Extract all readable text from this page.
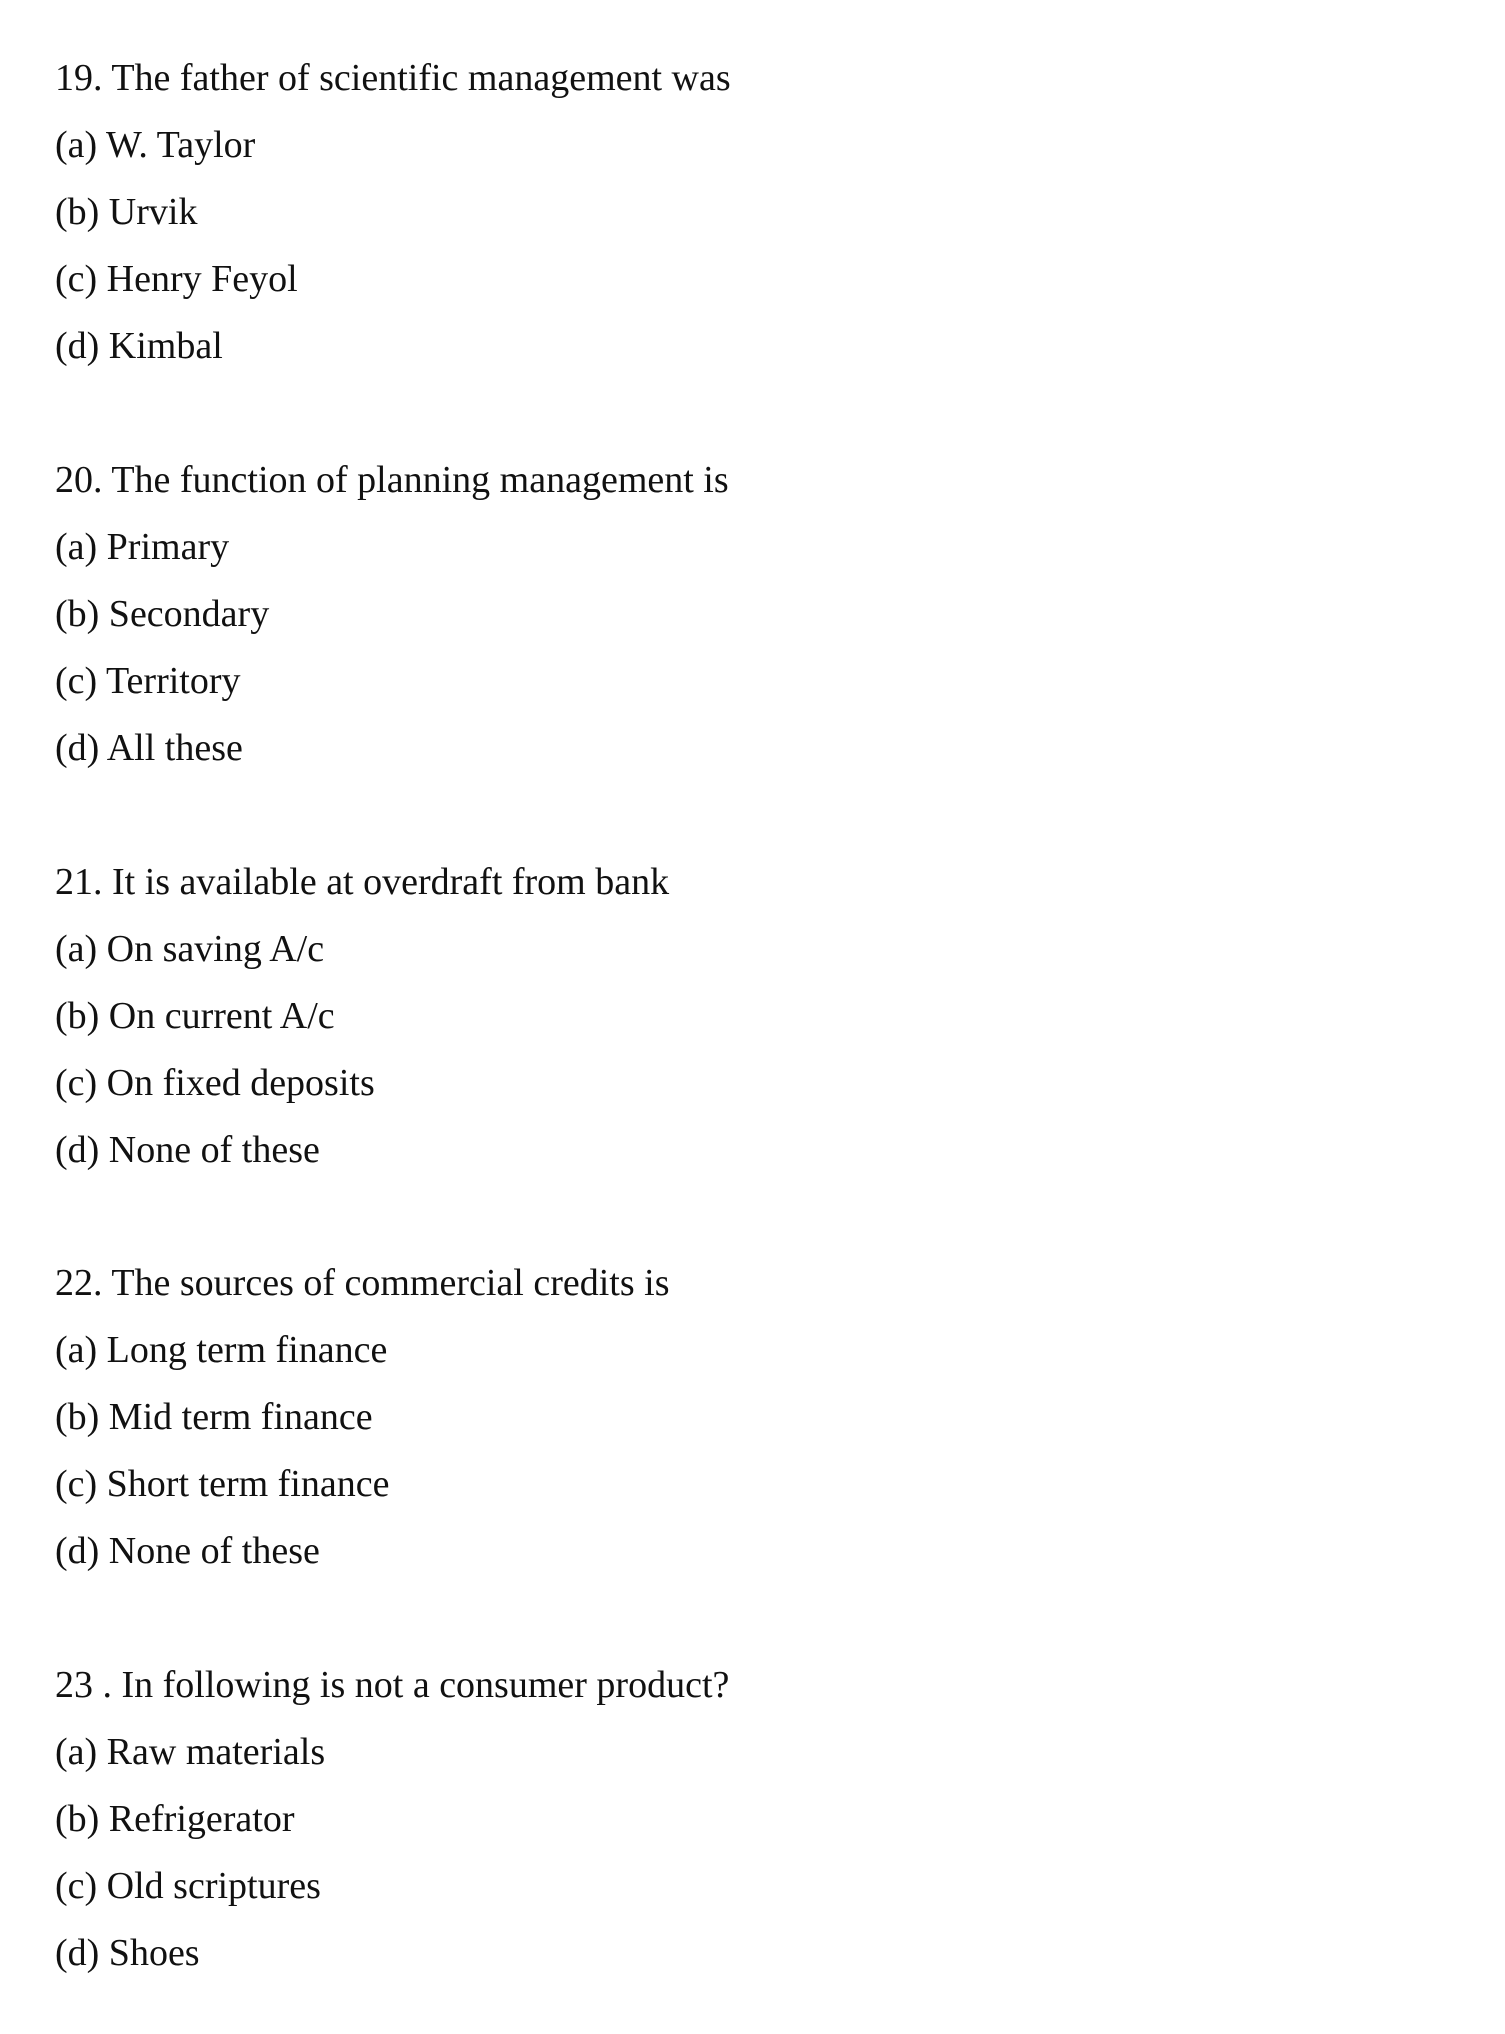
19. The father of scientific management was
(a) W. Taylor
(b) Urvik
(c) Henry Feyol
(d) Kimbal
20. The function of planning management is
(a) Primary
(b) Secondary
(c) Territory
(d) All these
21. It is available at overdraft from bank
(a) On saving A/c
(b) On current A/c
(c) On fixed deposits
(d) None of these
22. The sources of commercial credits is
(a) Long term finance
(b) Mid term finance
(c) Short term finance
(d) None of these
23 . In following is not a consumer product?
(a) Raw materials
(b) Refrigerator
(c) Old scriptures
(d) Shoes
